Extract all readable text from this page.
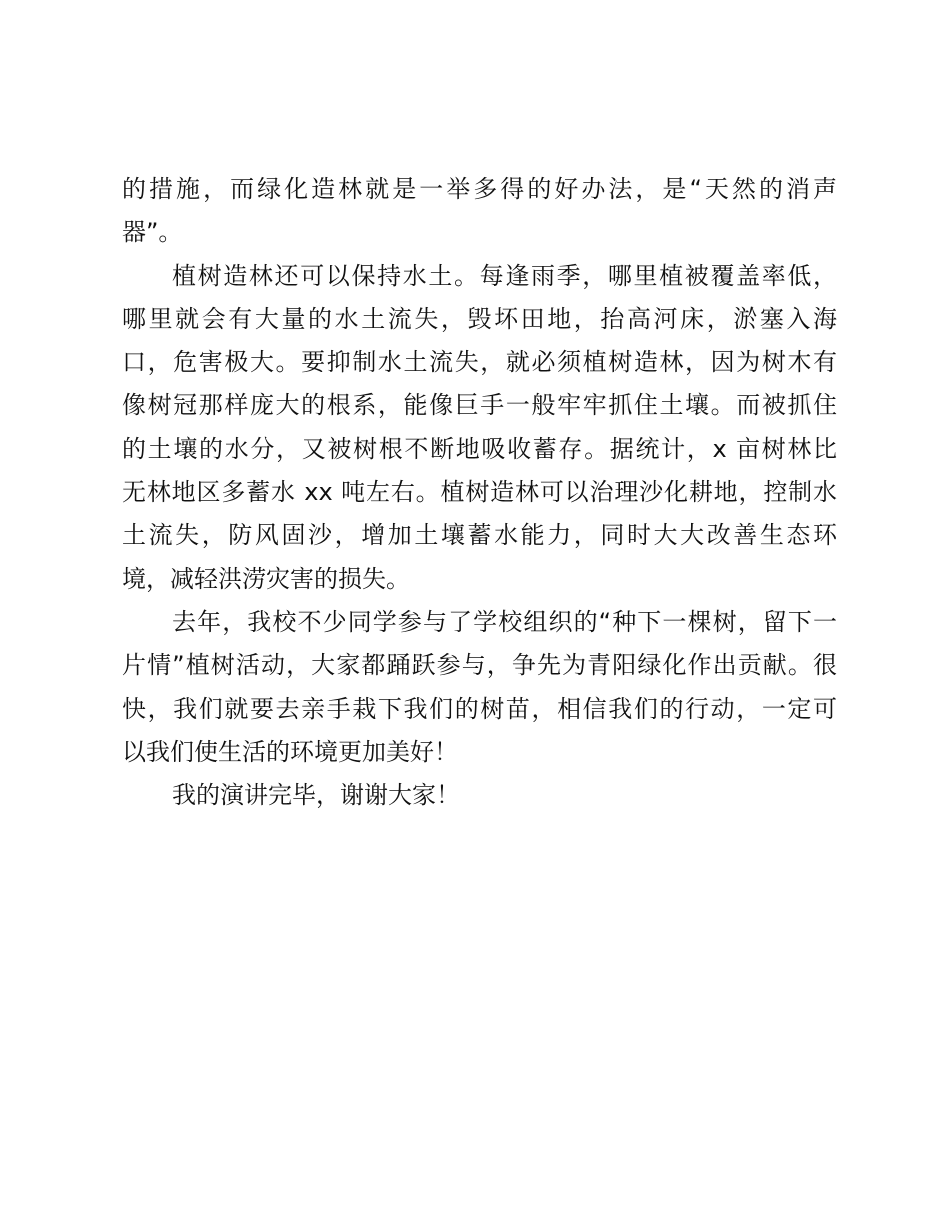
的措施，而绿化造林就是一举多得的好办法，是“天然的消声
器”。
植树造林还可以保持水土。每逢雨季，哪里植被覆盖率低，
哪里就会有大量的水土流失，毁坏田地，抬高河床，淤塞入海
口，危害极大。要抑制水土流失，就必须植树造林，因为树木有
像树冠那样庞大的根系，能像巨手一般牢牢抓住土壤。而被抓住
的土壤的水分，又被树根不断地吸收蓄存。据统计，x 亩树林比
无林地区多蓄水 xx 吨左右。植树造林可以治理沙化耕地，控制水
土流失，防风固沙，增加土壤蓄水能力，同时大大改善生态环
境，减轻洪涝灾害的损失。
去年，我校不少同学参与了学校组织的“种下一棵树，留下一
片情”植树活动，大家都踊跃参与，争先为青阳绿化作出贡献。很
快，我们就要去亲手栽下我们的树苗，相信我们的行动，一定可
以我们使生活的环境更加美好！
我的演讲完毕，谢谢大家！
